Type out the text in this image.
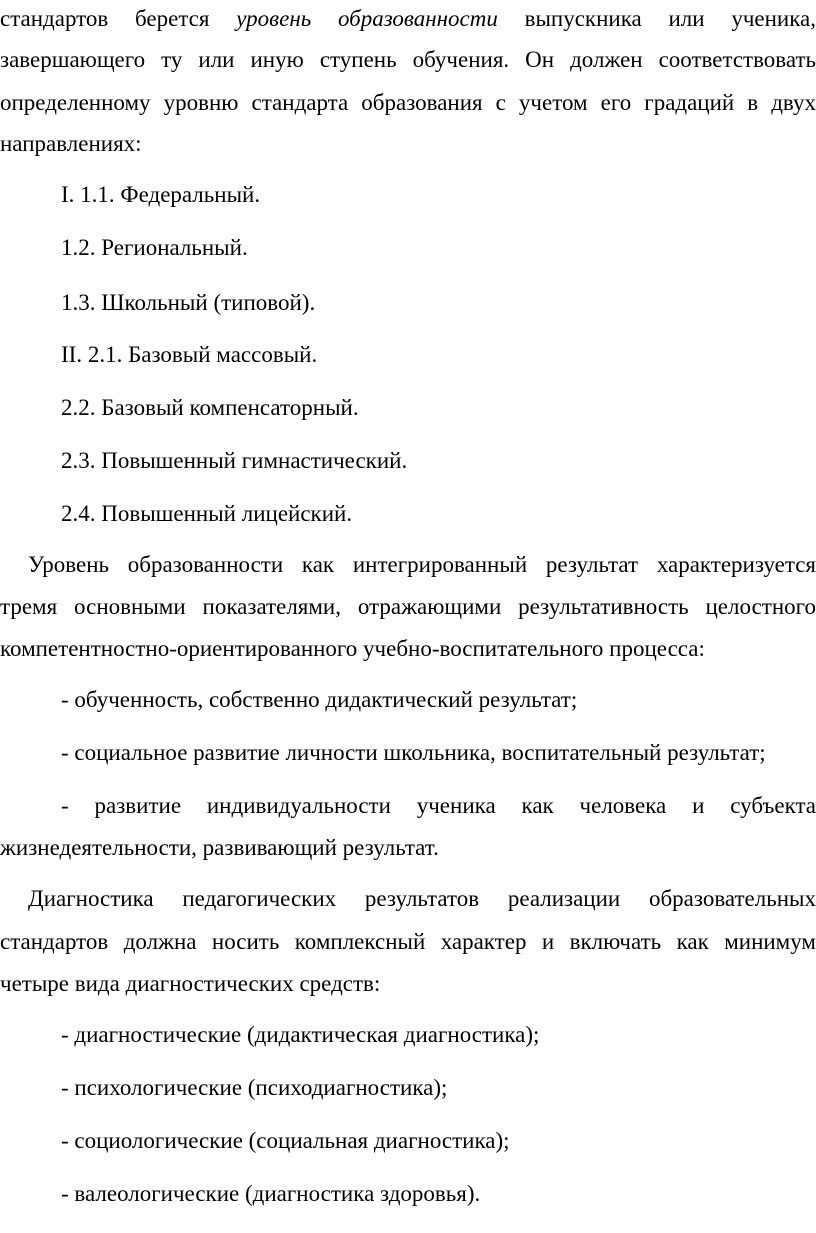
стандартов берется уровень образованности выпускника или ученика,
завершающего ту или иную ступень обучения. Он должен соответствовать
определенному уровню стандарта образования с учетом его градаций в двух
направлениях:
I. 1.1. Федеральный.
1.2. Региональный.
1.3. Школьный (типовой).
II. 2.1. Базовый массовый.
2.2. Базовый компенсаторный.
2.3. Повышенный гимнастический.
2.4. Повышенный лицейский.
Уровень образованности как интегрированный результат характеризуется
тремя основными показателями, отражающими результативность целостного
компетентностно-ориентированного учебно-воспитательного процесса:
- обученность, собственно дидактический результат;
- социальное развитие личности школьника, воспитательный результат;
- развитие индивидуальности ученика как человека и субъекта
жизнедеятельности, развивающий результат.
Диагностика педагогических результатов реализации образовательных
стандартов должна носить комплексный характер и включать как минимум
четыре вида диагностических средств:
- диагностические (дидактическая диагностика);
- психологические (психодиагностика);
- социологические (социальная диагностика);
- валеологические (диагностика здоровья).
